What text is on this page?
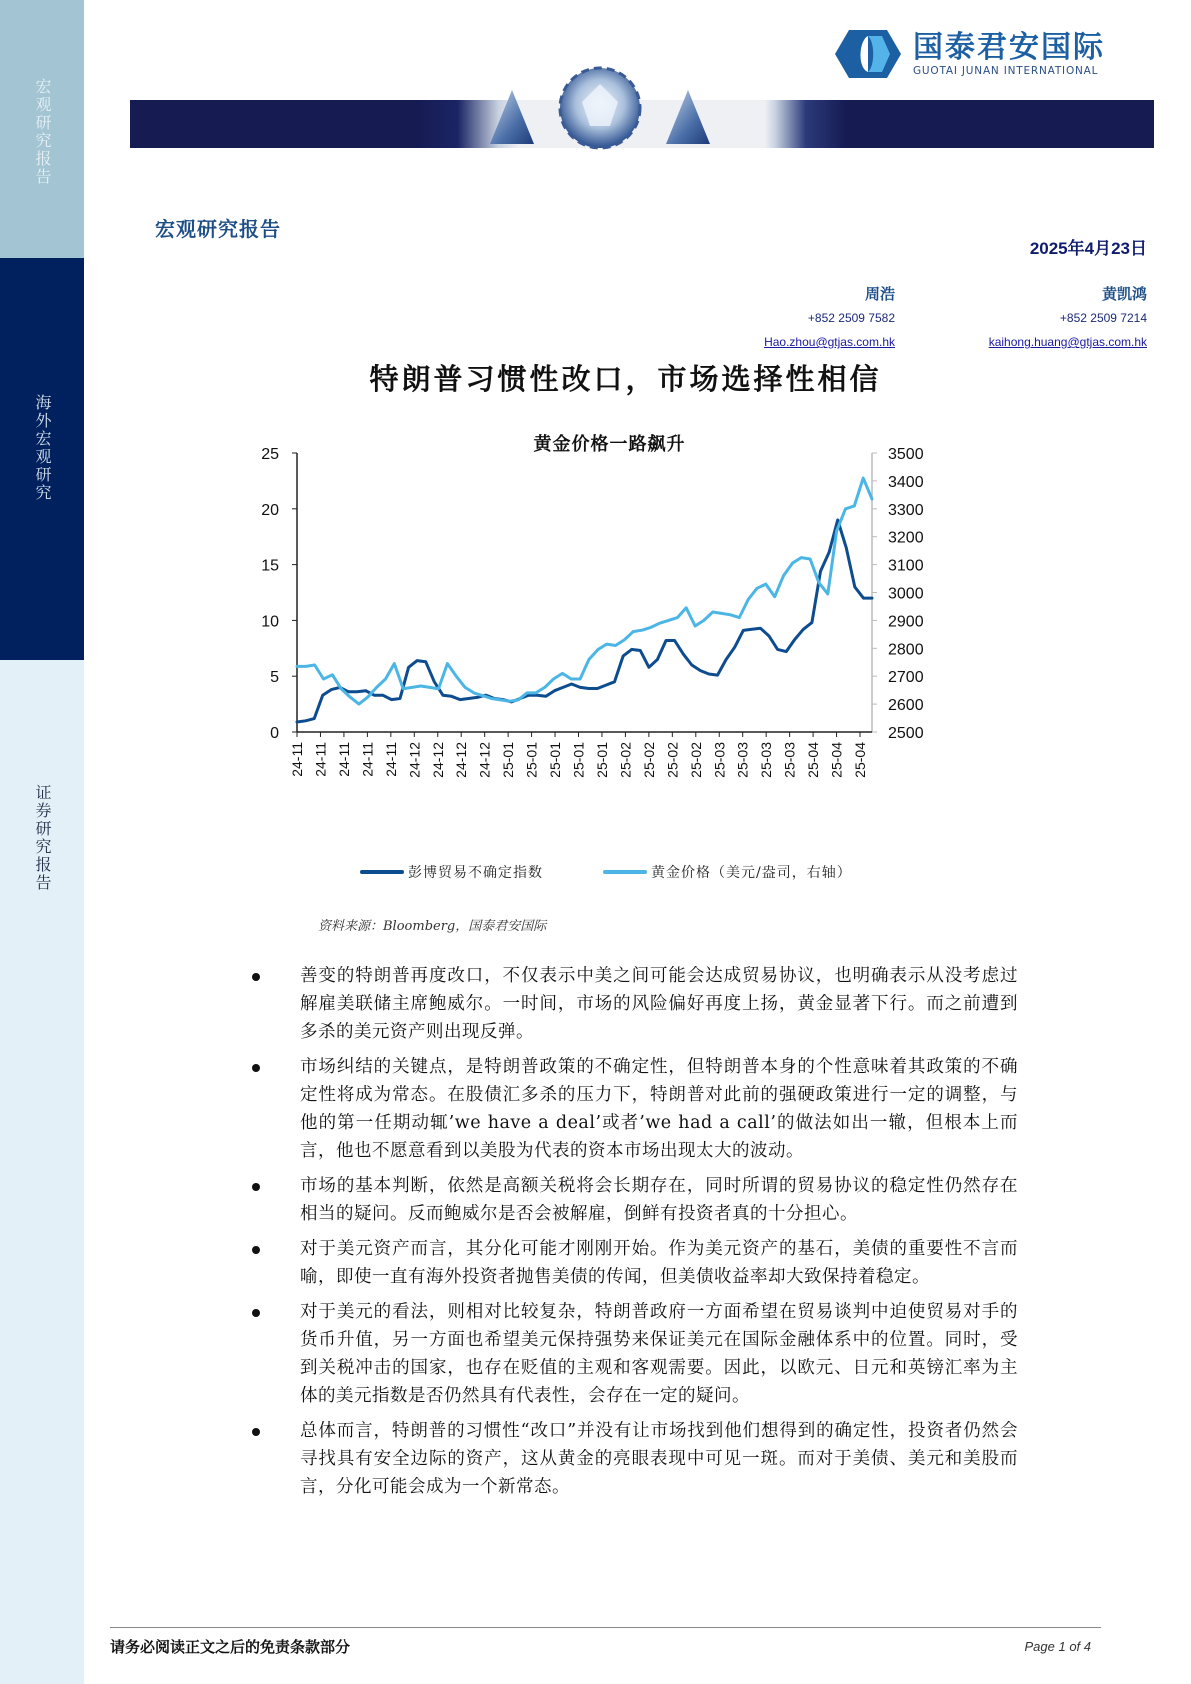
宏观研究报告
海外宏观研究
证券研究报告
国泰君安国际
GUOTAI JUNAN INTERNATIONAL
宏观研究报告
2025年4月23日
周浩
+852 2509 7582
Hao.zhou@gtjas.com.hk
黄凯鸿
+852 2509 7214
kaihong.huang@gtjas.com.hk
特朗普习惯性改口，市场选择性相信
黄金价格一路飙升
0
5
10
15
20
25
2500
2600
2700
2800
2900
3000
3100
3200
3300
3400
3500
24-11 24-11 24-11 24-11 24-11 24-12 24-12 24-12 24-12 25-01 25-01 25-01 25-01 25-01 25-02 25-02 25-02 25-02 25-03 25-03 25-03 25-03 25-04 25-04 25-04
彭博贸易不确定指数	黄金价格（美元/盎司，右轴）
资料来源：Bloomberg，国泰君安国际
善变的特朗普再度改口，不仅表示中美之间可能会达成贸易协议，也明确表示从没考虑过解雇美联储主席鲍威尔。一时间，市场的风险偏好再度上扬，黄金显著下行。而之前遭到多杀的美元资产则出现反弹。
市场纠结的关键点，是特朗普政策的不确定性，但特朗普本身的个性意味着其政策的不确定性将成为常态。在股债汇多杀的压力下，特朗普对此前的强硬政策进行一定的调整，与他的第一任期动辄’we have a deal’或者’we had a call’的做法如出一辙，但根本上而言，他也不愿意看到以美股为代表的资本市场出现太大的波动。
市场的基本判断，依然是高额关税将会长期存在，同时所谓的贸易协议的稳定性仍然存在相当的疑问。反而鲍威尔是否会被解雇，倒鲜有投资者真的十分担心。
对于美元资产而言，其分化可能才刚刚开始。作为美元资产的基石，美债的重要性不言而喻，即使一直有海外投资者抛售美债的传闻，但美债收益率却大致保持着稳定。
对于美元的看法，则相对比较复杂，特朗普政府一方面希望在贸易谈判中迫使贸易对手的货币升值，另一方面也希望美元保持强势来保证美元在国际金融体系中的位置。同时，受到关税冲击的国家，也存在贬值的主观和客观需要。因此，以欧元、日元和英镑汇率为主体的美元指数是否仍然具有代表性，会存在一定的疑问。
总体而言，特朗普的习惯性“改口”并没有让市场找到他们想得到的确定性，投资者仍然会寻找具有安全边际的资产，这从黄金的亮眼表现中可见一斑。而对于美债、美元和美股而言，分化可能会成为一个新常态。
请务必阅读正文之后的免责条款部分	Page 1 of 4
